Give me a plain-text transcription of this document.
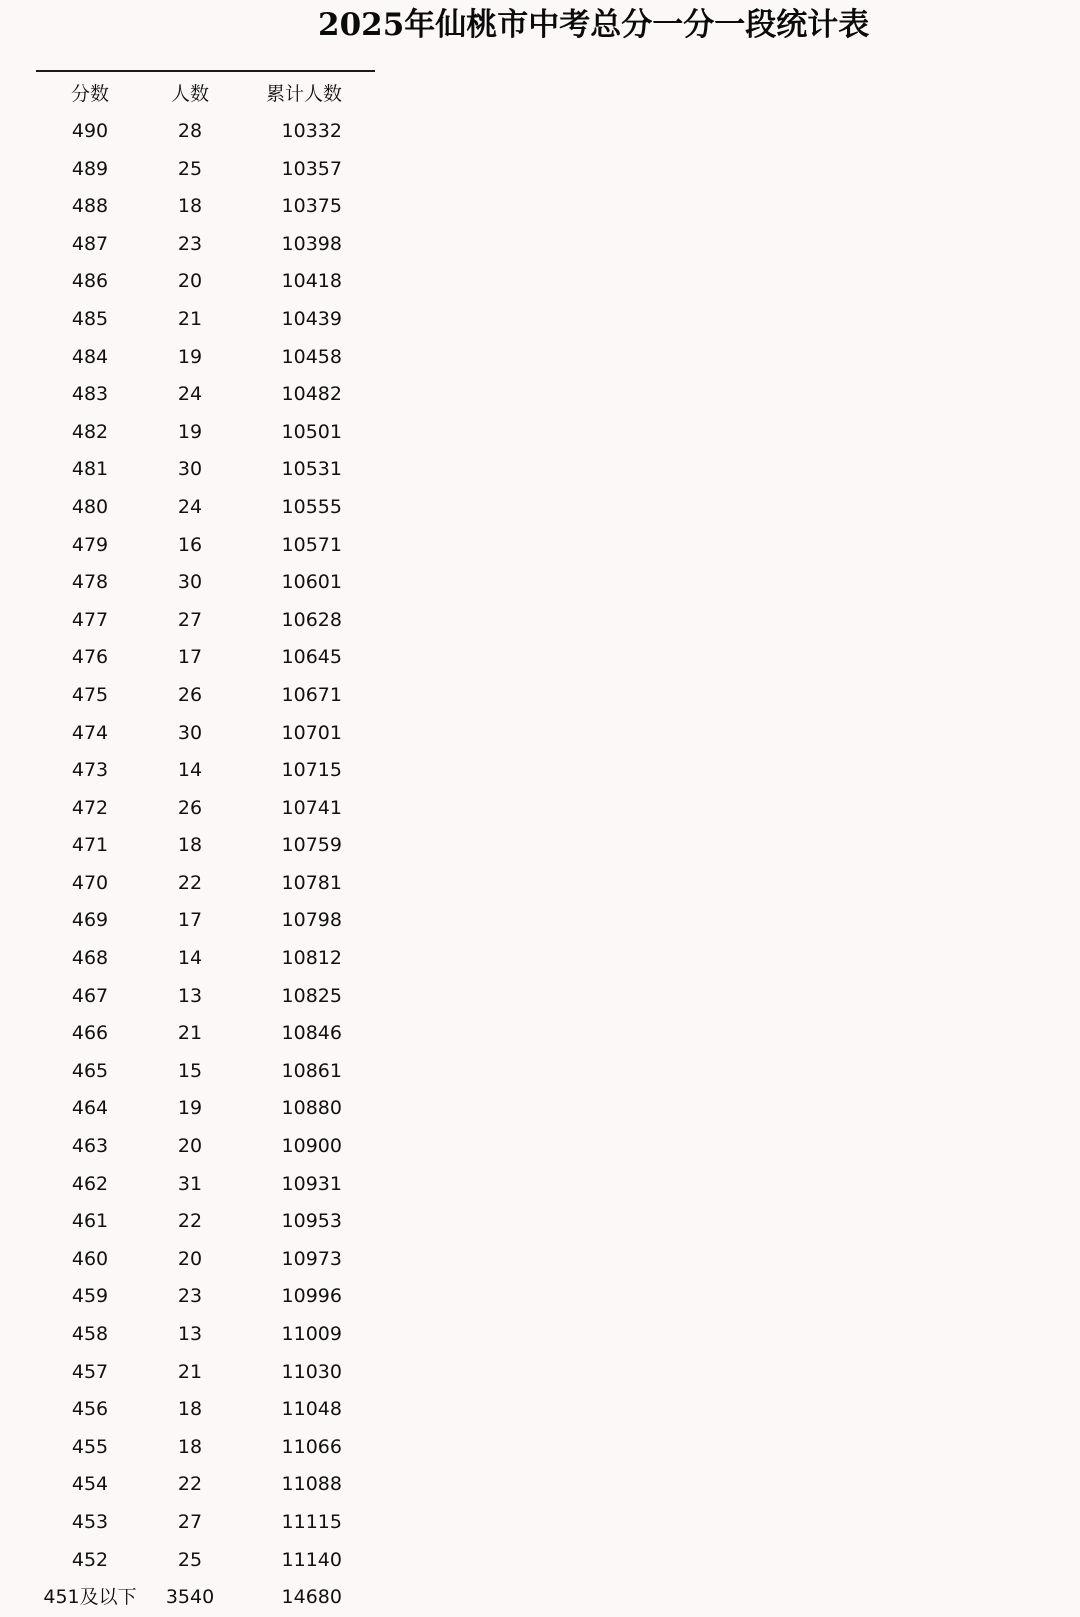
2025年仙桃市中考总分一分一段统计表
分数	人数	累计人数
490	28	10332
489	25	10357
488	18	10375
487	23	10398
486	20	10418
485	21	10439
484	19	10458
483	24	10482
482	19	10501
481	30	10531
480	24	10555
479	16	10571
478	30	10601
477	27	10628
476	17	10645
475	26	10671
474	30	10701
473	14	10715
472	26	10741
471	18	10759
470	22	10781
469	17	10798
468	14	10812
467	13	10825
466	21	10846
465	15	10861
464	19	10880
463	20	10900
462	31	10931
461	22	10953
460	20	10973
459	23	10996
458	13	11009
457	21	11030
456	18	11048
455	18	11066
454	22	11088
453	27	11115
452	25	11140
451及以下	3540	14680
